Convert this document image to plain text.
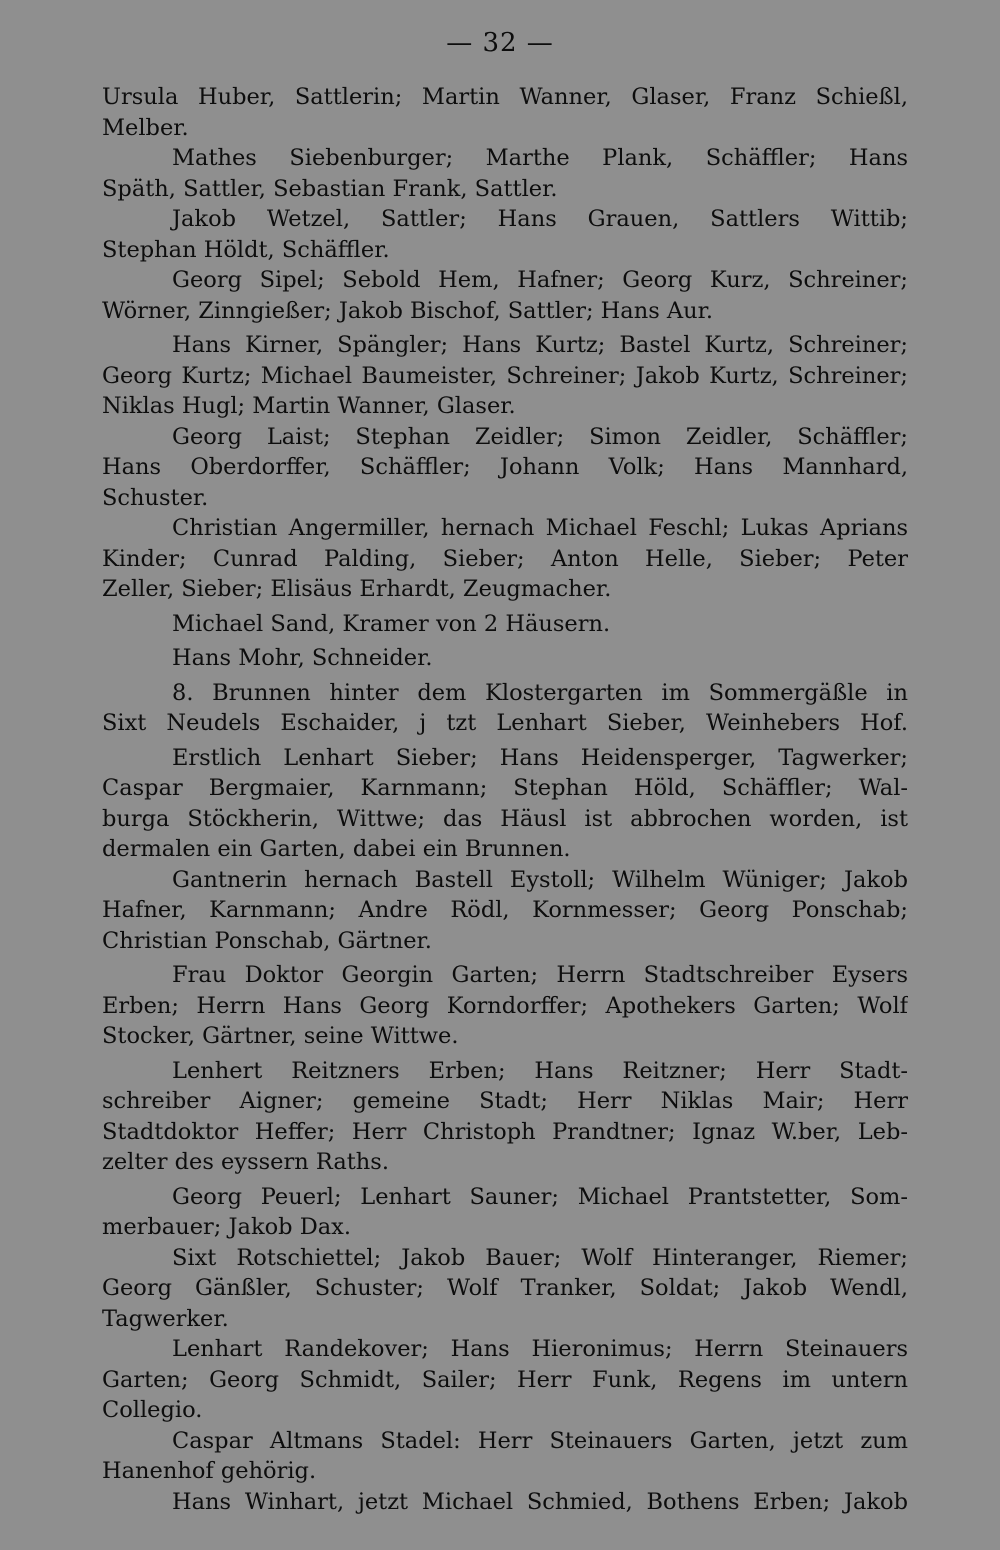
— 32 —
Ursula Huber, Sattlerin; Martin Wanner, Glaser, Franz Schießl,
Melber.
Mathes Siebenburger; Marthe Plank, Schäffler; Hans
Späth, Sattler, Sebastian Frank, Sattler.
Jakob Wetzel, Sattler; Hans Grauen, Sattlers Wittib;
Stephan Höldt, Schäffler.
Georg Sipel; Sebold Hem, Hafner; Georg Kurz, Schreiner;
Wörner, Zinngießer; Jakob Bischof, Sattler; Hans Aur.
Hans Kirner, Spängler; Hans Kurtz; Bastel Kurtz, Schreiner;
Georg Kurtz; Michael Baumeister, Schreiner; Jakob Kurtz, Schreiner;
Niklas Hugl; Martin Wanner, Glaser.
Georg Laist; Stephan Zeidler; Simon Zeidler, Schäffler;
Hans Oberdorffer, Schäffler; Johann Volk; Hans Mannhard,
Schuster.
Christian Angermiller, hernach Michael Feschl; Lukas Aprians
Kinder; Cunrad Palding, Sieber; Anton Helle, Sieber; Peter
Zeller, Sieber; Elisäus Erhardt, Zeugmacher.
Michael Sand, Kramer von 2 Häusern.
Hans Mohr, Schneider.
8. Brunnen hinter dem Klostergarten im Sommergäßle in
Sixt Neudels Eschaider, j tzt Lenhart Sieber, Weinhebers Hof.
Erstlich Lenhart Sieber; Hans Heidensperger, Tagwerker;
Caspar Bergmaier, Karnmann; Stephan Höld, Schäffler; Wal-
burga Stöckherin, Wittwe; das Häusl ist abbrochen worden, ist
dermalen ein Garten, dabei ein Brunnen.
Gantnerin hernach Bastell Eystoll; Wilhelm Wüniger; Jakob
Hafner, Karnmann; Andre Rödl, Kornmesser; Georg Ponschab;
Christian Ponschab, Gärtner.
Frau Doktor Georgin Garten; Herrn Stadtschreiber Eysers
Erben; Herrn Hans Georg Korndorffer; Apothekers Garten; Wolf
Stocker, Gärtner, seine Wittwe.
Lenhert Reitzners Erben; Hans Reitzner; Herr Stadt-
schreiber Aigner; gemeine Stadt; Herr Niklas Mair; Herr
Stadtdoktor Heffer; Herr Christoph Prandtner; Ignaz W.ber, Leb-
zelter des eyssern Raths.
Georg Peuerl; Lenhart Sauner; Michael Prantstetter, Som-
merbauer; Jakob Dax.
Sixt Rotschiettel; Jakob Bauer; Wolf Hinteranger, Riemer;
Georg Gänßler, Schuster; Wolf Tranker, Soldat; Jakob Wendl,
Tagwerker.
Lenhart Randekover; Hans Hieronimus; Herrn Steinauers
Garten; Georg Schmidt, Sailer; Herr Funk, Regens im untern
Collegio.
Caspar Altmans Stadel: Herr Steinauers Garten, jetzt zum
Hanenhof gehörig.
Hans Winhart, jetzt Michael Schmied, Bothens Erben; Jakob
